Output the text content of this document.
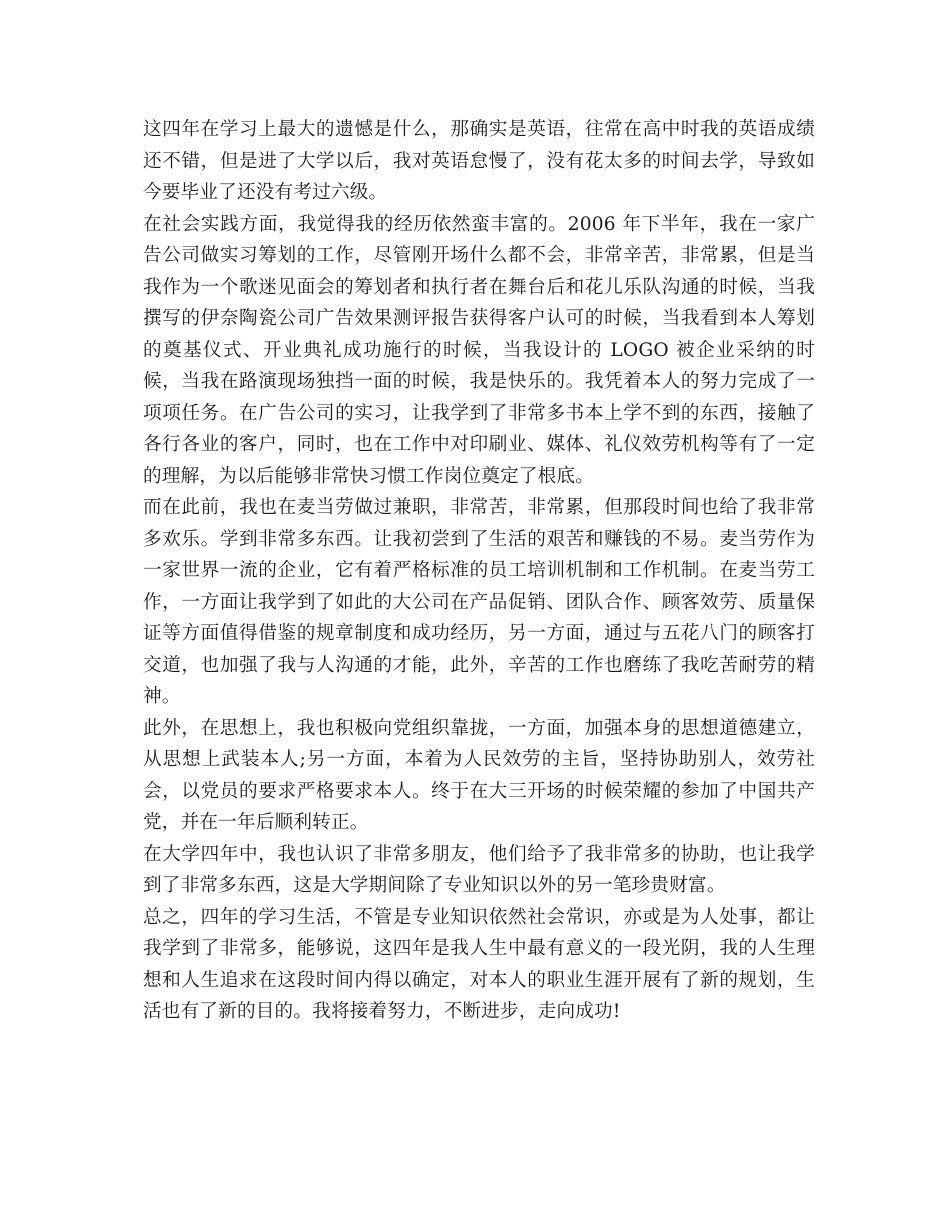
这四年在学习上最大的遗憾是什么，那确实是英语，往常在高中时我的英语成绩还不错，但是进了大学以后，我对英语怠慢了，没有花太多的时间去学，导致如今要毕业了还没有考过六级。

在社会实践方面，我觉得我的经历依然蛮丰富的。2006 年下半年，我在一家广告公司做实习筹划的工作，尽管刚开场什么都不会，非常辛苦，非常累，但是当我作为一个歌迷见面会的筹划者和执行者在舞台后和花儿乐队沟通的时候，当我撰写的伊奈陶瓷公司广告效果测评报告获得客户认可的时候，当我看到本人筹划的奠基仪式、开业典礼成功施行的时候，当我设计的 LOGO 被企业采纳的时候，当我在路演现场独挡一面的时候，我是快乐的。我凭着本人的努力完成了一项项任务。在广告公司的实习，让我学到了非常多书本上学不到的东西，接触了各行各业的客户，同时，也在工作中对印刷业、媒体、礼仪效劳机构等有了一定的理解，为以后能够非常快习惯工作岗位奠定了根底。

而在此前，我也在麦当劳做过兼职，非常苦，非常累，但那段时间也给了我非常多欢乐。学到非常多东西。让我初尝到了生活的艰苦和赚钱的不易。麦当劳作为一家世界一流的企业，它有着严格标准的员工培训机制和工作机制。在麦当劳工作，一方面让我学到了如此的大公司在产品促销、团队合作、顾客效劳、质量保证等方面值得借鉴的规章制度和成功经历，另一方面，通过与五花八门的顾客打交道，也加强了我与人沟通的才能，此外，辛苦的工作也磨练了我吃苦耐劳的精神。

此外，在思想上，我也积极向党组织靠拢，一方面，加强本身的思想道德建立，从思想上武装本人;另一方面，本着为人民效劳的主旨，坚持协助别人，效劳社会，以党员的要求严格要求本人。终于在大三开场的时候荣耀的参加了中国共产党，并在一年后顺利转正。

在大学四年中，我也认识了非常多朋友，他们给予了我非常多的协助，也让我学到了非常多东西，这是大学期间除了专业知识以外的另一笔珍贵财富。

总之，四年的学习生活，不管是专业知识依然社会常识，亦或是为人处事，都让我学到了非常多，能够说，这四年是我人生中最有意义的一段光阴，我的人生理想和人生追求在这段时间内得以确定，对本人的职业生涯开展有了新的规划，生活也有了新的目的。我将接着努力，不断进步，走向成功!
